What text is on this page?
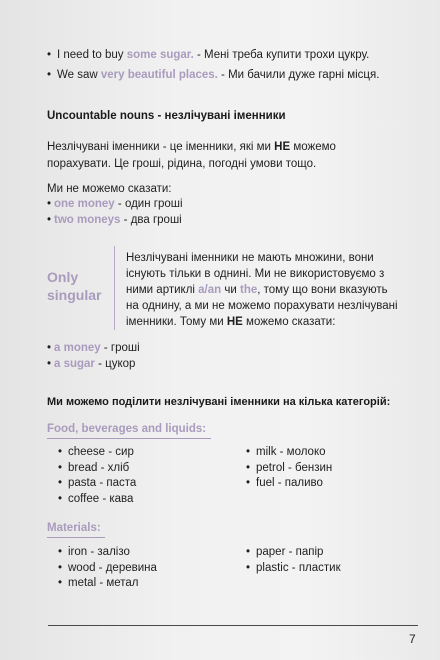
• I need to buy some sugar. - Мені треба купити трохи цукру.
• We saw very beautiful places. - Ми бачили дуже гарні місця.
Uncountable nouns - незлічувані іменники
Незлічувані іменники - це іменники, які ми НЕ можемо
порахувати. Це гроші, рідина, погодні умови тощо.
Ми не можемо сказати:
• one money - один гроші
• two moneys - два гроші
Only
singular
Незлічувані іменники не мають множини, вони
існують тільки в однині. Ми не використовуємо з
ними артиклі a/an чи the, тому що вони вказують
на однину, а ми не можемо порахувати незлічувані
іменники. Тому ми НЕ можемо сказати:
• a money - гроші
• a sugar - цукор
Ми можемо поділити незлічувані іменники на кілька категорій:
Food, beverages and liquids:
• cheese - сир
• bread - хліб
• pasta - паста
• coffee - кава
• milk - молоко
• petrol - бензин
• fuel - паливо
Materials:
• iron - залізо
• wood - деревина
• metal - метал
• paper - папір
• plastic - пластик
7
